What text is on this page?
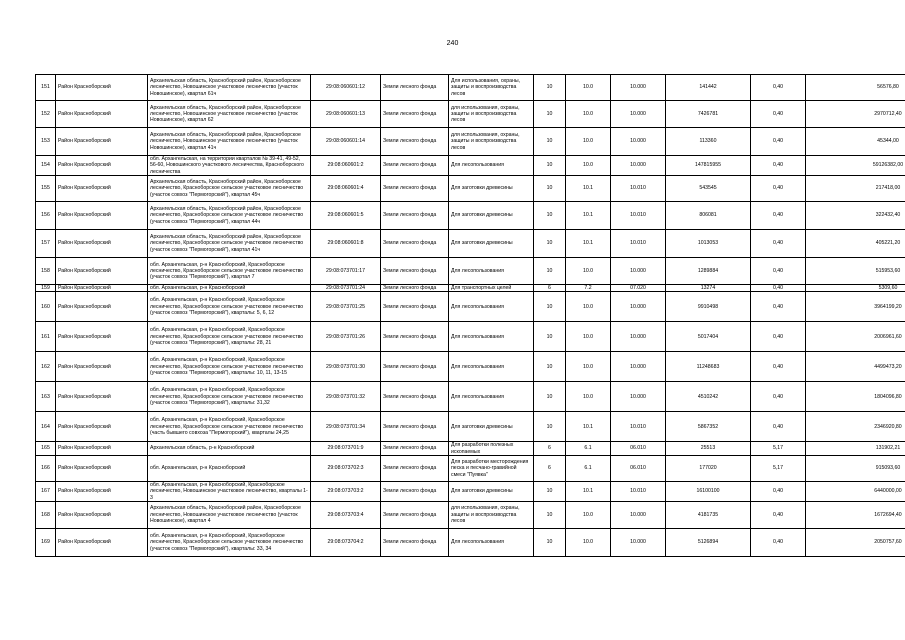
240
151	Район Красноборский	Архангельская область, Красноборский район, Красноборское лесничество, Новошинское участковое лесничество (участок Новошинское), квартал 61ч	29:08:060601:12	Земли лесного фонда	Для использования, охраны, защиты и воспроизводства лесов	10	10.0	10.000	141442	0,40	56576,80
152	Район Красноборский	Архангельская область, Красноборский район, Красноборское лесничество, Новошинское участковое лесничество (участок Новошинское), квартал 62	29:08:060601:13	Земли лесного фонда	для использования, охраны, защиты и воспроизводства лесов	10	10.0	10.000	7426781	0,40	2970712,40
153	Район Красноборский	Архангельская область, Красноборский район, Красноборское лесничество, Новошинское участковое лесничество (участок Новошинское), квартал 41ч	29:08:060601:14	Земли лесного фонда	для использования, охраны, защиты и воспроизводства лесов	10	10.0	10.000	113360	0,40	45344,00
154	Район Красноборский	обл. Архангельская, на территории кварталов № 39-41, 49-52, 56-60, Новошинского участкового лесничества, Красноборского лесничества	29:08:060601:2	Земли лесного фонда	Для лесопользования	10	10.0	10.000	147815955	0,40	59126382,00
155	Район Красноборский	Архангельская область, Красноборский район, Красноборское лесничество, Красноборское сельское участковое лесничество (участок совхоз "Пермогорский"), квартал 45ч	29:08:060601:4	Земли лесного фонда	Для заготовки древесины	10	10.1	10.010	543545	0,40	217418,00
156	Район Красноборский	Архангельская область, Красноборский район, Красноборское лесничество, Красноборское сельское участковое лесничество (участок совхоз "Пермогорский"), квартал 44ч	29:08:060601:5	Земли лесного фонда	Для заготовки древесины	10	10.1	10.010	806081	0,40	322432,40
157	Район Красноборский	Архангельская область, Красноборский район, Красноборское лесничество, Красноборское сельское участковое лесничество (участок совхоз "Пермогорский"), квартал 41ч	29:08:060601:8	Земли лесного фонда	Для заготовки древесины	10	10.1	10.010	1013053	0,40	405221,20
158	Район Красноборский	обл. Архангельская, р-н Красноборский, Красноборское лесничество, Красноборское сельское участковое лесничество (участок совхоз "Пермогорский"), квартал 7	29:08:073701:17	Земли лесного фонда	Для лесопользования	10	10.0	10.000	1289884	0,40	515953,60
159	Район Красноборский	обл. Архангельская, р-н Красноборский	29:08:073701:24	Земли лесного фонда	Для транспортных целей	6	7.2	07.020	13274	0,40	5309,60
160	Район Красноборский	обл. Архангельская, р-н Красноборский, Красноборское лесничество, Красноборское сельское участковое лесничество (участок совхоз "Пермогорский"), кварталы: 5, 6, 12	29:08:073701:25	Земли лесного фонда	Для лесопользования	10	10.0	10.000	9910498	0,40	3964199,20
161	Район Красноборский	обл. Архангельская, р-н Красноборский, Красноборское лесничество, Красноборское сельское участковое лесничество (участок совхоз "Пермогорский"), кварталы: 28, 21	29:08:073701:26	Земли лесного фонда	Для лесопользования	10	10.0	10.000	5017404	0,40	2006961,60
162	Район Красноборский	обл. Архангельская, р-н Красноборский, Красноборское лесничество, Красноборское сельское участковое лесничество (участок совхоз "Пермогорский"), кварталы: 10, 11, 13-15	29:08:073701:30	Земли лесного фонда	Для лесопользования	10	10.0	10.000	11248683	0,40	4499473,20
163	Район Красноборский	обл. Архангельская, р-н Красноборский, Красноборское лесничество, Красноборское сельское участковое лесничество (участок совхоз "Пермогорский"), кварталы: 31,32	29:08:073701:32	Земли лесного фонда	Для лесопользования	10	10.0	10.000	4510242	0,40	1804096,80
164	Район Красноборский	обл. Архангельская, р-н Красноборский, Красноборское лесничество, Красноборское сельское участковое лесничество (часть бывшего совхоза "Пермогорский"), кварталы 24,25	29:08:073701:34	Земли лесного фонда	Для заготовки древесины	10	10.1	10.010	5867352	0,40	2346920,80
165	Район Красноборский	Архангельская область, р-н Красноборский	29:08:073701:9	Земли лесного фонда	Для разработки полезных ископаемых	6	6.1	06.010	25513	5,17	131902,21
166	Район Красноборский	обл. Архангельская, р-н Красноборский	29:08:073702:3	Земли лесного фонда	Для разработки месторождения песка и песчано-гравийной смеси "Пуявка"	6	6.1	06.010	177020	5,17	915093,60
167	Район Красноборский	обл. Архангельская, р-н Красноборский, Красноборское лесничество, Новошинское участковое лесничество, кварталы 1-3	29:08:073703:2	Земли лесного фонда	Для заготовки древесины	10	10.1	10.010	16100100	0,40	6440000,00
168	Район Красноборский	Архангельская область, Красноборский район, Красноборское лесничество, Новошинское участковое лесничество (участок Новошинское), квартал 4	29:08:073703:4	Земли лесного фонда	для использования, охраны, защиты и воспроизводства лесов	10	10.0	10.000	4181735	0,40	1672694,40
169	Район Красноборский	обл. Архангельская, р-н Красноборский, Красноборское лесничество, Красноборское сельское участковое лесничество (участок совхоз "Пермогорский"), кварталы: 33, 34	29:08:073704:2	Земли лесного фонда	Для лесопользования	10	10.0	10.000	5126894	0,40	2050757,60
